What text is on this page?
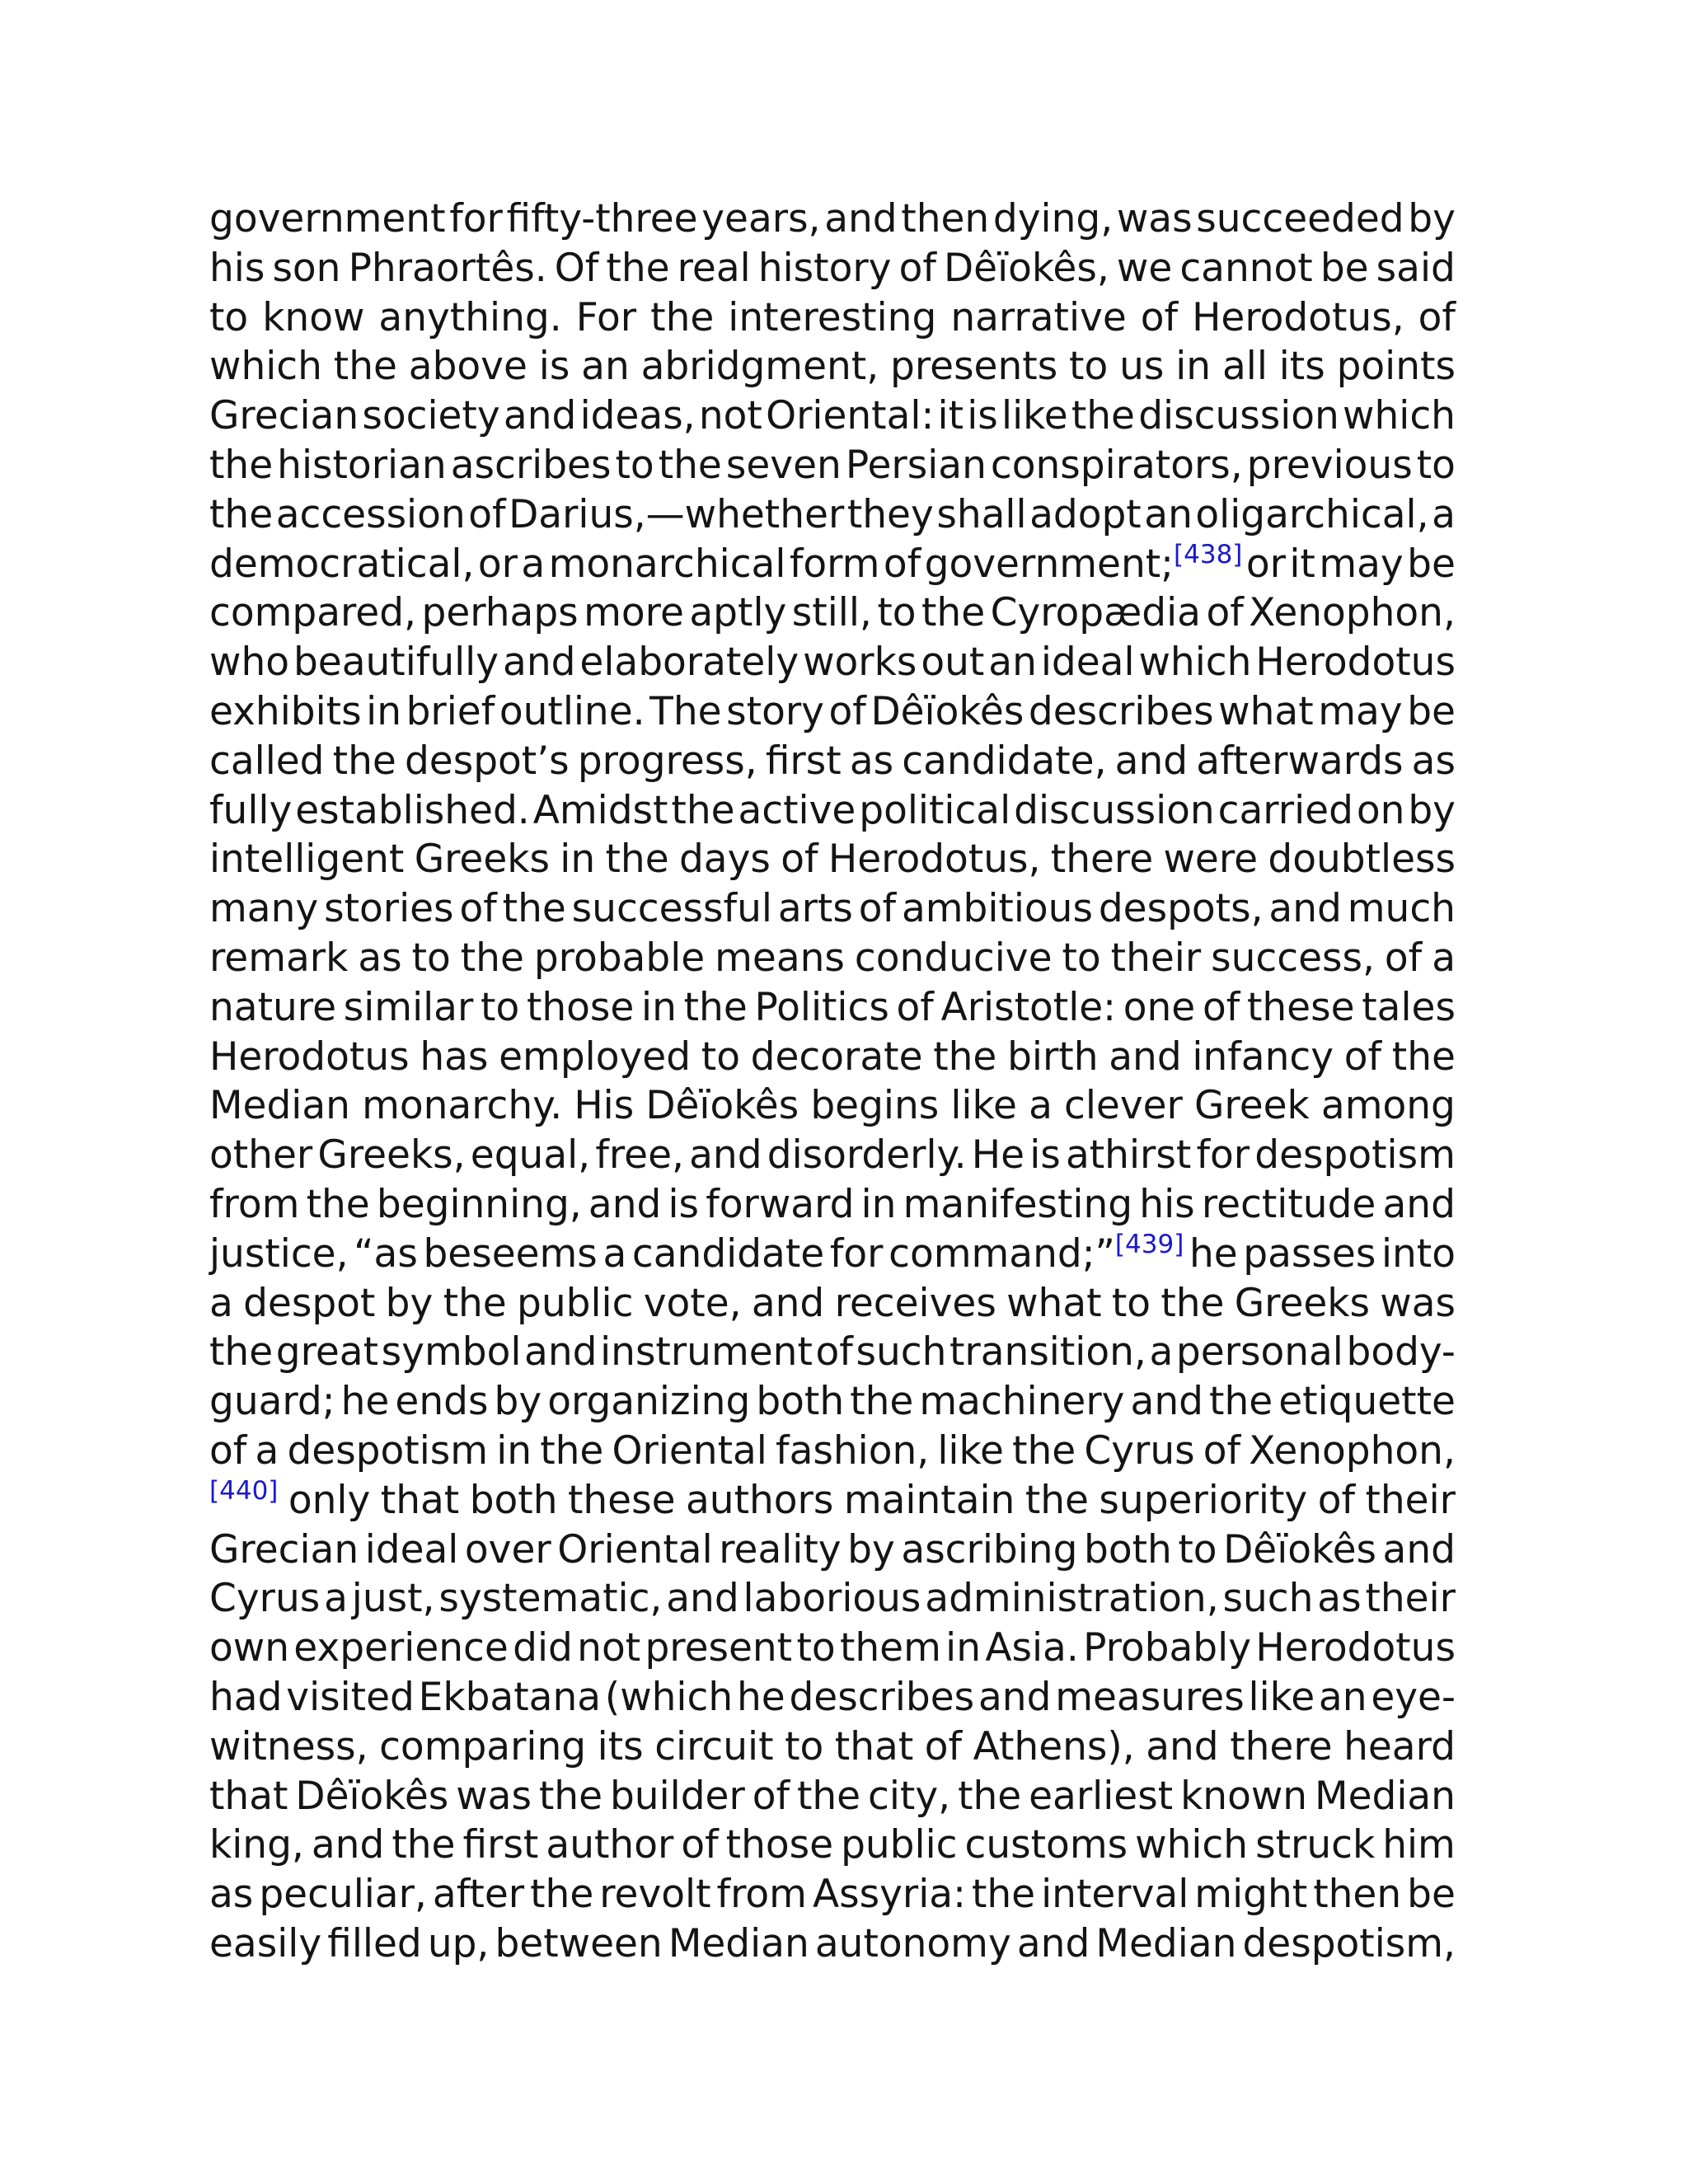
government for fifty-three years, and then dying, was succeeded by
his son Phraortês. Of the real history of Dêïokês, we cannot be said
to know anything. For the interesting narrative of Herodotus, of
which the above is an abridgment, presents to us in all its points
Grecian society and ideas, not Oriental: it is like the discussion which
the historian ascribes to the seven Persian conspirators, previous to
the accession of Darius,—whether they shall adopt an oligarchical, a
democratical, or a monarchical form of government;[438] or it may be
compared, perhaps more aptly still, to the Cyropædia of Xenophon,
who beautifully and elaborately works out an ideal which Herodotus
exhibits in brief outline. The story of Dêïokês describes what may be
called the despot’s progress, first as candidate, and afterwards as
fully established. Amidst the active political discussion carried on by
intelligent Greeks in the days of Herodotus, there were doubtless
many stories of the successful arts of ambitious despots, and much
remark as to the probable means conducive to their success, of a
nature similar to those in the Politics of Aristotle: one of these tales
Herodotus has employed to decorate the birth and infancy of the
Median monarchy. His Dêïokês begins like a clever Greek among
other Greeks, equal, free, and disorderly. He is athirst for despotism
from the beginning, and is forward in manifesting his rectitude and
justice, “as beseems a candidate for command;”[439] he passes into
a despot by the public vote, and receives what to the Greeks was
the great symbol and instrument of such transition, a personal body-
guard; he ends by organizing both the machinery and the etiquette
of a despotism in the Oriental fashion, like the Cyrus of Xenophon,
[440] only that both these authors maintain the superiority of their
Grecian ideal over Oriental reality by ascribing both to Dêïokês and
Cyrus a just, systematic, and laborious administration, such as their
own experience did not present to them in Asia. Probably Herodotus
had visited Ekbatana (which he describes and measures like an eye-
witness, comparing its circuit to that of Athens), and there heard
that Dêïokês was the builder of the city, the earliest known Median
king, and the first author of those public customs which struck him
as peculiar, after the revolt from Assyria: the interval might then be
easily filled up, between Median autonomy and Median despotism,
